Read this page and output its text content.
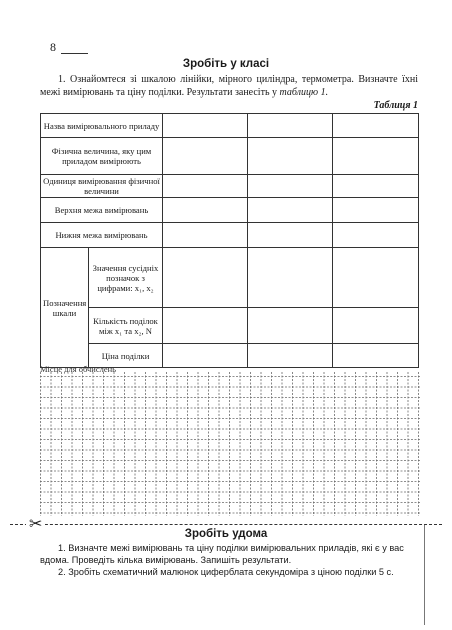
8
Зробіть у класі
1. Ознайомтеся зі шкалою лінійки, мірного циліндра, термометра. Визначте їхні межі вимірювань та ціну поділки. Результати занесіть у таблицю 1.
Таблиця 1
Назва вимірювального приладу				
Фізична величина, яку цим приладом вимірюють				
Одиниця вимірювання фізичної величини				
Верхня межа вимірювань				
Нижня межа вимірювань				
Позначення шкали	Значення сусідніх позначок з цифрами: x₁, x₂			
	Кількість поділок між x₁ та x₂, N			
	Ціна поділки			
Місце для обчислень
✂
Зробіть удома
1. Визначте межі вимірювань та ціну поділки вимірювальних приладів, які є у вас вдома. Проведіть кілька вимірювань. Запишіть результати.
2. Зробіть схематичний малюнок циферблата секундоміра з ціною поділки 5 с.
